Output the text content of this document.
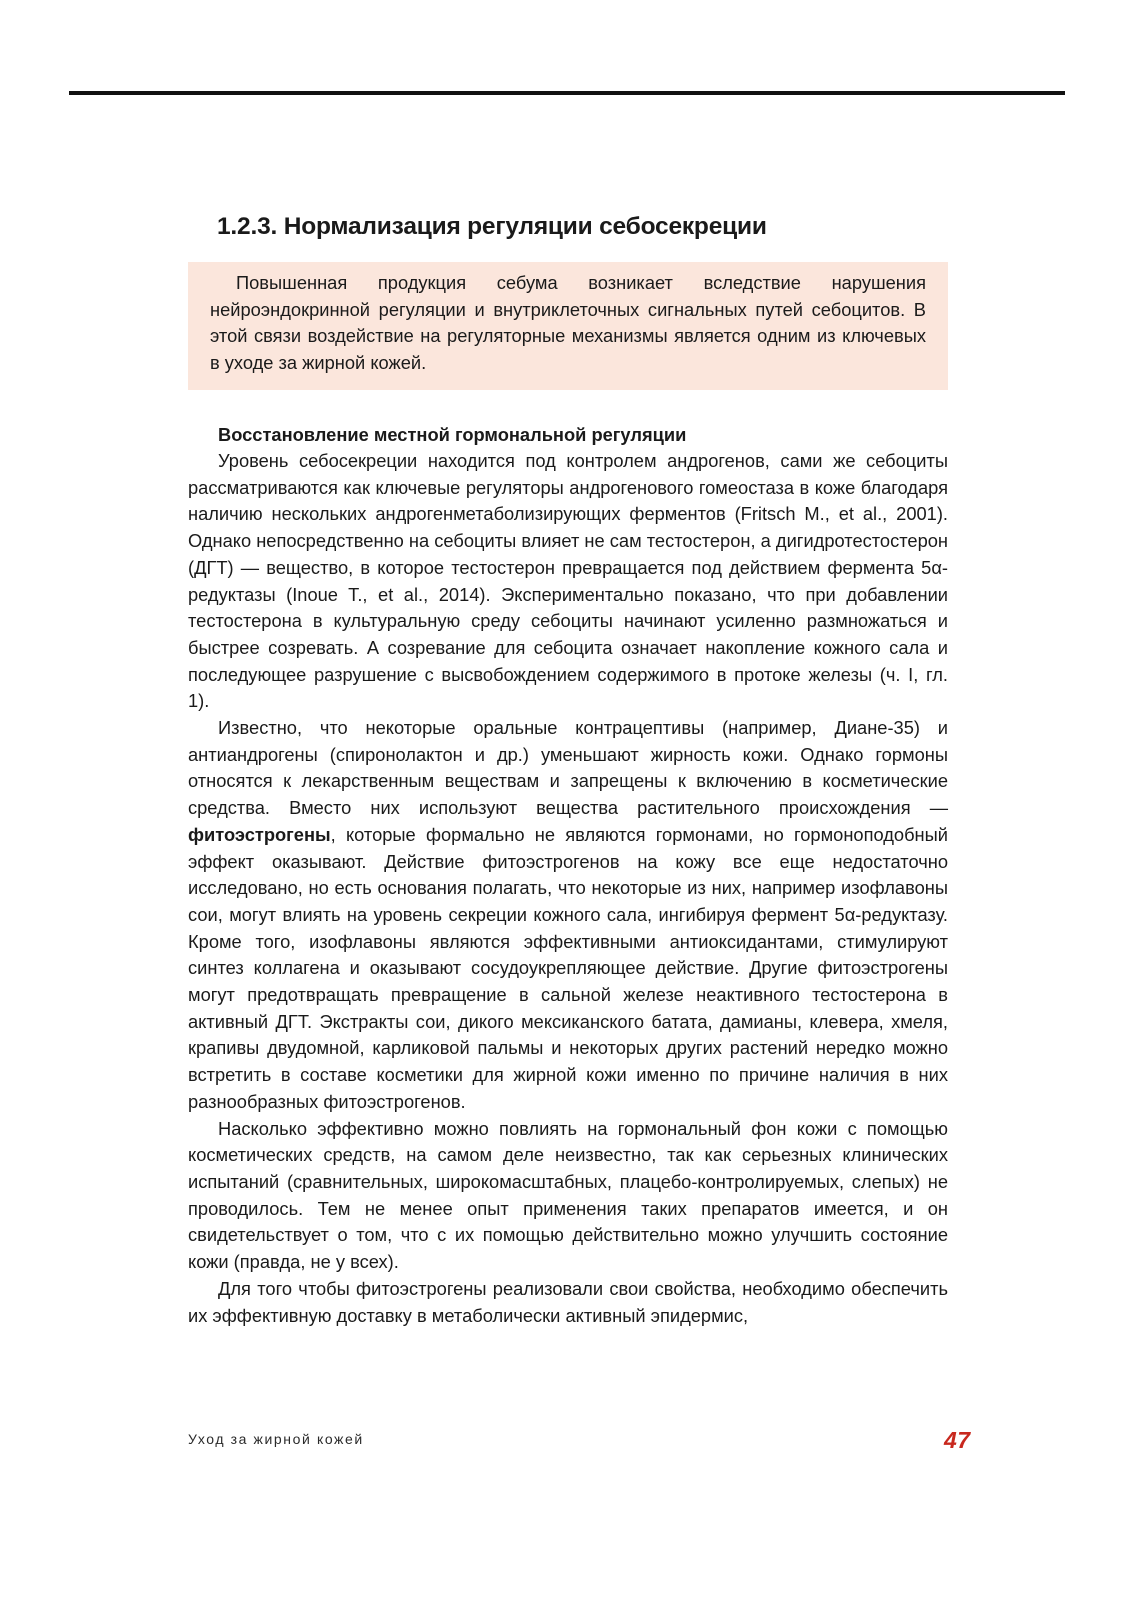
1.2.3. Нормализация регуляции себосекреции

Повышенная продукция себума возникает вследствие нарушения нейроэндокринной регуляции и внутриклеточных сигнальных путей себоцитов. В этой связи воздействие на регуляторные механизмы является одним из ключевых в уходе за жирной кожей.

Восстановление местной гормональной регуляции

Уровень себосекреции находится под контролем андрогенов, сами же себоциты рассматриваются как ключевые регуляторы андрогенового гомеостаза в коже благодаря наличию нескольких андрогенметаболизирующих ферментов (Fritsch M., et al., 2001). Однако непосредственно на себоциты влияет не сам тестостерон, а дигидротестостерон (ДГТ) — вещество, в которое тестостерон превращается под действием фермента 5α-редуктазы (Inoue T., et al., 2014). Экспериментально показано, что при добавлении тестостерона в культуральную среду себоциты начинают усиленно размножаться и быстрее созревать. А созревание для себоцита означает накопление кожного сала и последующее разрушение с высвобождением содержимого в протоке железы (ч. I, гл. 1).

Известно, что некоторые оральные контрацептивы (например, Диане-35) и антиандрогены (спиронолактон и др.) уменьшают жирность кожи. Однако гормоны относятся к лекарственным веществам и запрещены к включению в косметические средства. Вместо них используют вещества растительного происхождения — фитоэстрогены, которые формально не являются гормонами, но гормоноподобный эффект оказывают. Действие фитоэстрогенов на кожу все еще недостаточно исследовано, но есть основания полагать, что некоторые из них, например изофлавоны сои, могут влиять на уровень секреции кожного сала, ингибируя фермент 5α-редуктазу. Кроме того, изофлавоны являются эффективными антиоксидантами, стимулируют синтез коллагена и оказывают сосудоукрепляющее действие. Другие фитоэстрогены могут предотвращать превращение в сальной железе неактивного тестостерона в активный ДГТ. Экстракты сои, дикого мексиканского батата, дамианы, клевера, хмеля, крапивы двудомной, карликовой пальмы и некоторых других растений нередко можно встретить в составе косметики для жирной кожи именно по причине наличия в них разнообразных фитоэстрогенов.

Насколько эффективно можно повлиять на гормональный фон кожи с помощью косметических средств, на самом деле неизвестно, так как серьезных клинических испытаний (сравнительных, широкомасштабных, плацебо-контролируемых, слепых) не проводилось. Тем не менее опыт применения таких препаратов имеется, и он свидетельствует о том, что с их помощью действительно можно улучшить состояние кожи (правда, не у всех).

Для того чтобы фитоэстрогены реализовали свои свойства, необходимо обеспечить их эффективную доставку в метаболически активный эпидермис,

Уход за жирной кожей	47
